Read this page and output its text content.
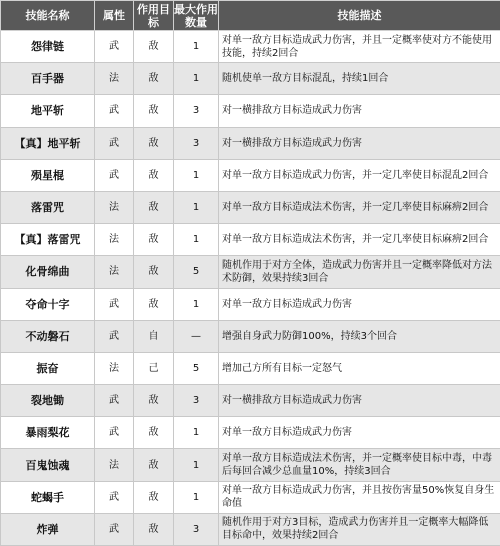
技能名称	属性	作用目标	最大作用数量	技能描述
怨律链	武	敌	1	对单一敌方目标造成武力伤害，并且一定概率使对方不能使用技能，持续2回合
百手器	法	敌	1	随机使单一敌方目标混乱，持续1回合
地平斩	武	敌	3	对一横排敌方目标造成武力伤害
【真】地平斩	武	敌	3	对一横排敌方目标造成武力伤害
殒星棍	武	敌	1	对单一敌方目标造成武力伤害，并一定几率使目标混乱2回合
落雷咒	法	敌	1	对单一敌方目标造成法术伤害，并一定几率使目标麻痹2回合
【真】落雷咒	法	敌	1	对单一敌方目标造成法术伤害，并一定几率使目标麻痹2回合
化骨绵曲	法	敌	5	随机作用于对方全体，造成武力伤害并且一定概率降低对方法术防御，效果持续3回合
夺命十字	武	敌	1	对单一敌方目标造成武力伤害
不动磐石	武	自	—	增强自身武力防御100%，持续3个回合
振奋	法	己	5	增加己方所有目标一定怒气
裂地锄	武	敌	3	对一横排敌方目标造成武力伤害
暴雨梨花	武	敌	1	对单一敌方目标造成武力伤害
百鬼蚀魂	法	敌	1	对单一敌方目标造成法术伤害，并一定概率使目标中毒，中毒后每回合减少总血量10%，持续3回合
蛇蝎手	武	敌	1	对单一敌方目标造成武力伤害，并且按伤害量50%恢复自身生命值
炸弹	武	敌	3	随机作用于对方3目标，造成武力伤害并且一定概率大幅降低目标命中，效果持续2回合
